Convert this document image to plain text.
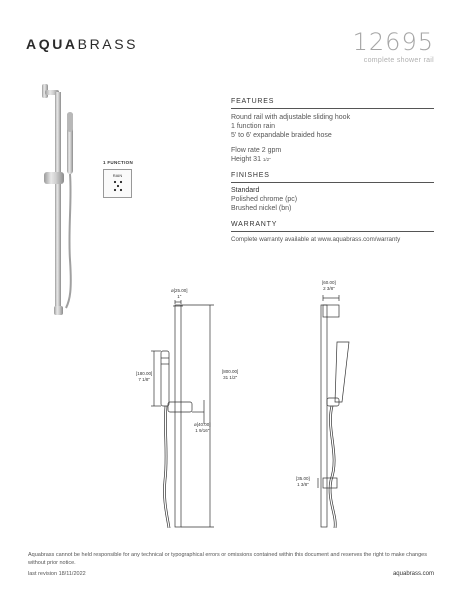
AQUABRASS	12695
complete shower rail
FEATURES
Round rail with adjustable sliding hook
1 function rain
5' to 6' expandable braided hose
Flow rate 2 gpm
Height 31 $^{1/2"}$
FINISHES
Standard
Polished chrome (pc)
Brushed nickel (bn)
WARRANTY
Complete warranty available at www.aquabrass.com/warranty
1 FUNCTION
RAIN
ø[25.00]
1"
[180.00]
7 1/8"
[800.00]
31 1/2"
ø[40.00]
1 9/16"
[60.00]
2 3/8"
[35.00]
1 3/8"
Aquabrass cannot be held responsible for any technical or typographical errors or omissions contained within this document and reserves the right to make changes without prior notice.
last revision 18/11/2022	aquabrass.com
